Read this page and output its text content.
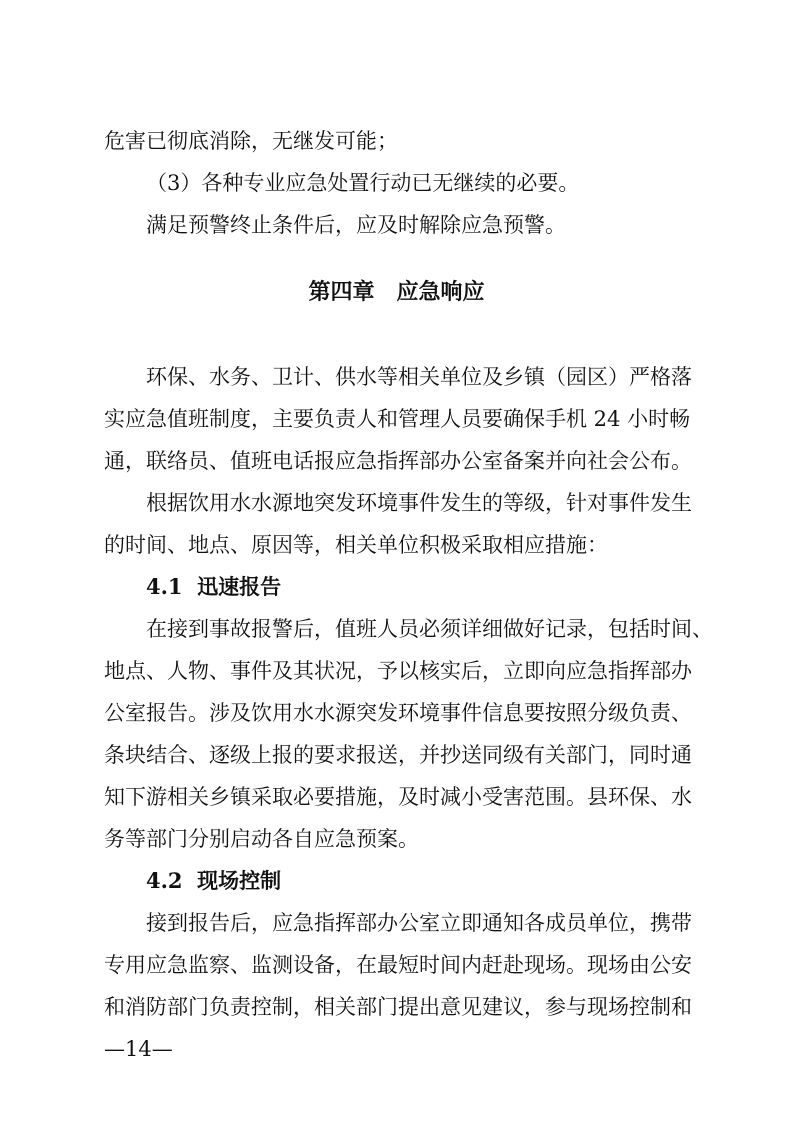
危害已彻底消除，无继发可能；
（3）各种专业应急处置行动已无继续的必要。
满足预警终止条件后，应及时解除应急预警。
第四章　应急响应
环保、水务、卫计、供水等相关单位及乡镇（园区）严格落
实应急值班制度，主要负责人和管理人员要确保手机 24 小时畅
通，联络员、值班电话报应急指挥部办公室备案并向社会公布。
根据饮用水水源地突发环境事件发生的等级，针对事件发生
的时间、地点、原因等，相关单位积极采取相应措施：
4.1  迅速报告
在接到事故报警后，值班人员必须详细做好记录，包括时间、
地点、人物、事件及其状况，予以核实后，立即向应急指挥部办
公室报告。涉及饮用水水源突发环境事件信息要按照分级负责、
条块结合、逐级上报的要求报送，并抄送同级有关部门，同时通
知下游相关乡镇采取必要措施，及时减小受害范围。县环保、水
务等部门分别启动各自应急预案。
4.2  现场控制
接到报告后，应急指挥部办公室立即通知各成员单位，携带
专用应急监察、监测设备，在最短时间内赶赴现场。现场由公安
和消防部门负责控制，相关部门提出意见建议，参与现场控制和
—14—
